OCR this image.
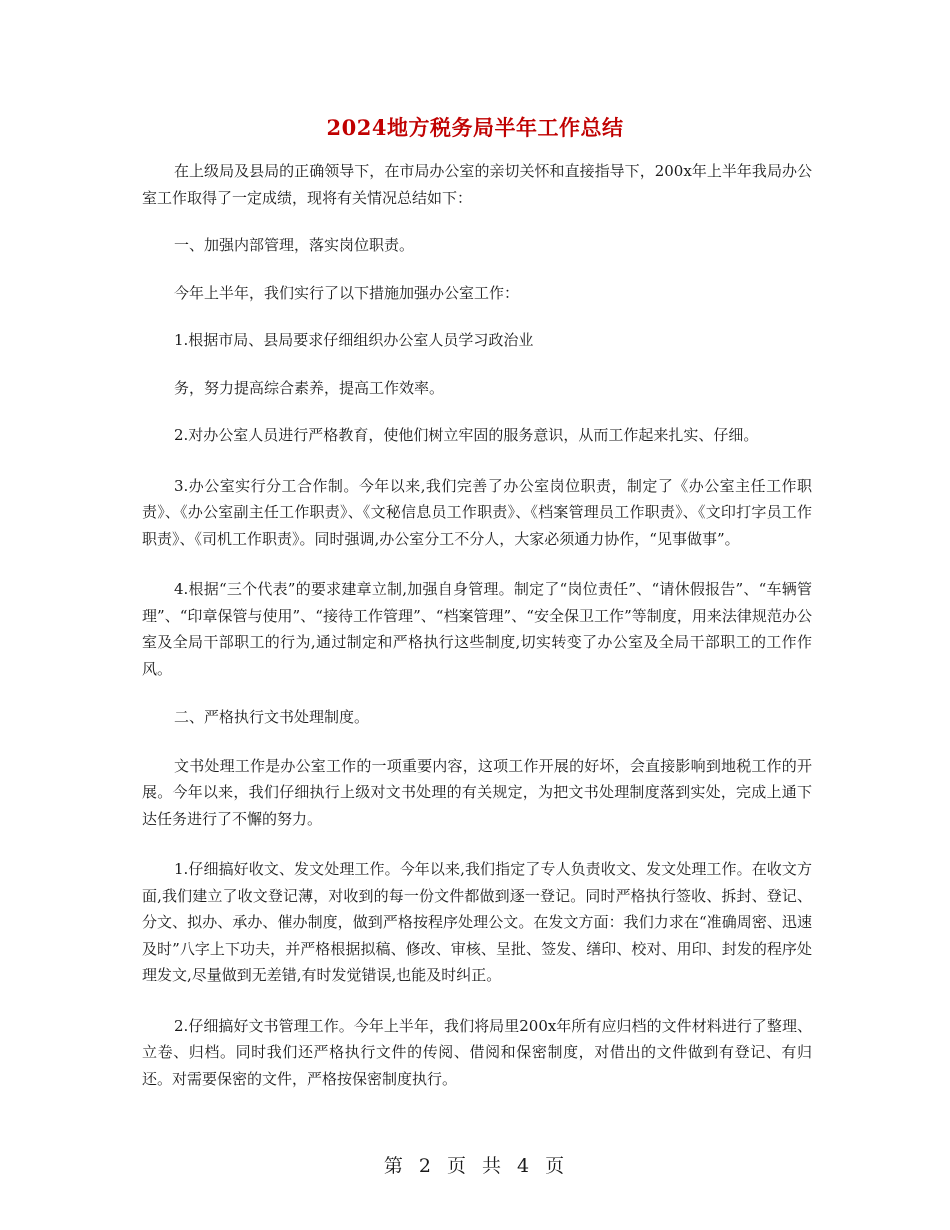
2024地方税务局半年工作总结

在上级局及县局的正确领导下，在市局办公室的亲切关怀和直接指导下，200x年上半年我局办公室工作取得了一定成绩，现将有关情况总结如下：

一、加强内部管理，落实岗位职责。

今年上半年，我们实行了以下措施加强办公室工作：

1.根据市局、县局要求仔细组织办公室人员学习政治业

务，努力提高综合素养，提高工作效率。

2.对办公室人员进行严格教育，使他们树立牢固的服务意识，从而工作起来扎实、仔细。

3.办公室实行分工合作制。今年以来,我们完善了办公室岗位职责，制定了《办公室主任工作职责》、《办公室副主任工作职责》、《文秘信息员工作职责》、《档案管理员工作职责》、《文印打字员工作职责》、《司机工作职责》。同时强调,办公室分工不分人，大家必须通力协作，“见事做事”。

4.根据“三个代表”的要求建章立制,加强自身管理。制定了“岗位责任”、“请休假报告”、“车辆管理”、“印章保管与使用”、“接待工作管理”、“档案管理”、“安全保卫工作”等制度，用来法律规范办公室及全局干部职工的行为,通过制定和严格执行这些制度,切实转变了办公室及全局干部职工的工作作风。

二、严格执行文书处理制度。

文书处理工作是办公室工作的一项重要内容，这项工作开展的好坏，会直接影响到地税工作的开展。今年以来，我们仔细执行上级对文书处理的有关规定，为把文书处理制度落到实处，完成上通下达任务进行了不懈的努力。

1.仔细搞好收文、发文处理工作。今年以来,我们指定了专人负责收文、发文处理工作。在收文方面,我们建立了收文登记薄，对收到的每一份文件都做到逐一登记。同时严格执行签收、拆封、登记、分文、拟办、承办、催办制度，做到严格按程序处理公文。在发文方面：我们力求在“准确周密、迅速及时”八字上下功夫，并严格根据拟稿、修改、审核、呈批、签发、缮印、校对、用印、封发的程序处理发文,尽量做到无差错,有时发觉错误,也能及时纠正。

2.仔细搞好文书管理工作。今年上半年，我们将局里200x年所有应归档的文件材料进行了整理、立卷、归档。同时我们还严格执行文件的传阅、借阅和保密制度，对借出的文件做到有登记、有归还。对需要保密的文件，严格按保密制度执行。

第 2 页 共 4 页
